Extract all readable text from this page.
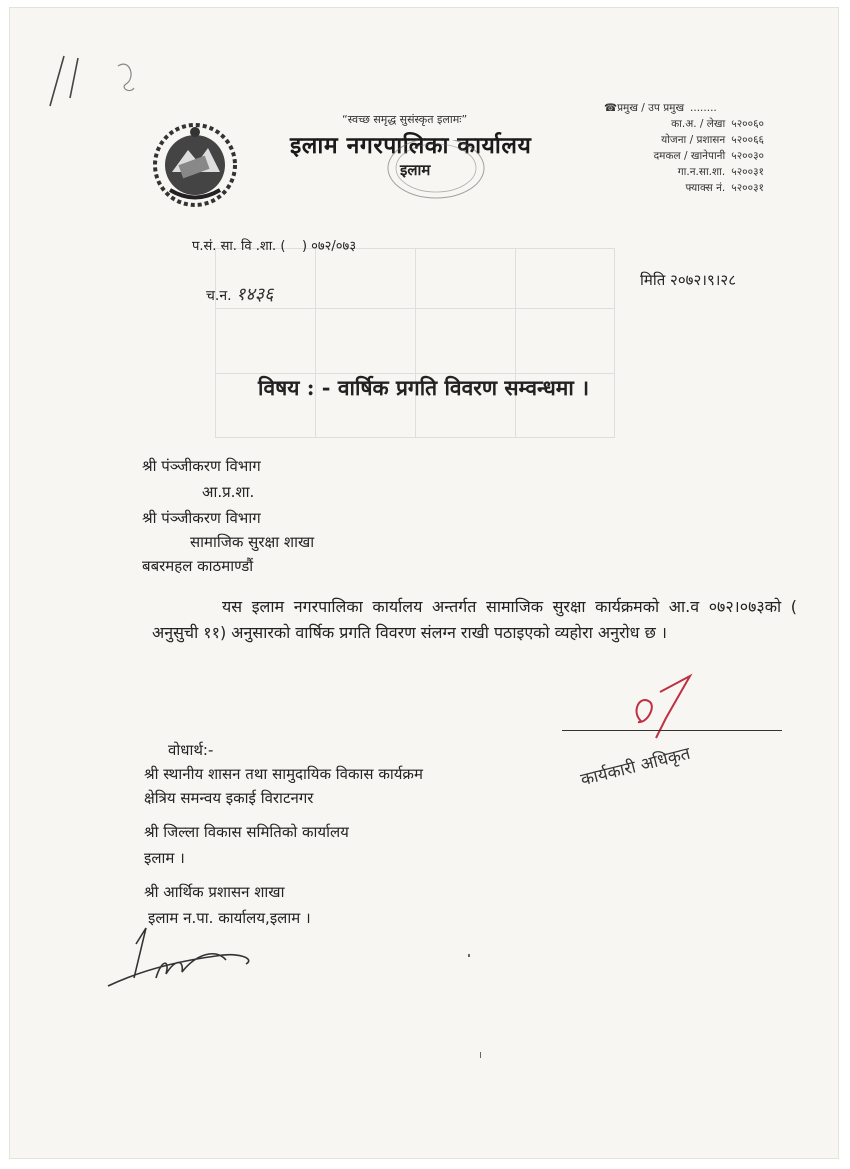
“स्वच्छ समृद्ध सुसंस्कृत इलामः”
इलाम नगरपालिका कार्यालय
इलाम
☎प्रमुख / उप प्रमुख ........
का.अ. / लेखा ५२००६०
योजना / प्रशासन ५२००६६
दमकल / खानेपानी ५२००३०
गा.न.सा.शा. ५२००३१
फ्याक्स नं. ५२००३१
प.सं. सा. वि .शा. ( ) ०७२/०७३
च.न. १४३६
मिति २०७२।९।२८
विषय : - वार्षिक प्रगति विवरण सम्वन्धमा ।
श्री पंञ्जीकरण विभाग
आ.प्र.शा.
श्री पंञ्जीकरण विभाग
सामाजिक सुरक्षा शाखा
बबरमहल काठमाण्डौं
यस इलाम नगरपालिका कार्यालय अन्तर्गत सामाजिक सुरक्षा कार्यक्रमको आ.व ०७२।०७३को ( अनुसुची ११) अनुसारको वार्षिक प्रगति विवरण संलग्न राखी पठाइएको व्यहोरा अनुरोध छ ।
कार्यकारी अधिकृत
वोधार्थ:-
श्री स्थानीय शासन तथा सामुदायिक विकास कार्यक्रम
क्षेत्रिय समन्वय इकाई विराटनगर
श्री जिल्ला विकास समितिको कार्यालय
इलाम ।
श्री आर्थिक प्रशासन शाखा
इलाम न.पा. कार्यालय,इलाम ।
